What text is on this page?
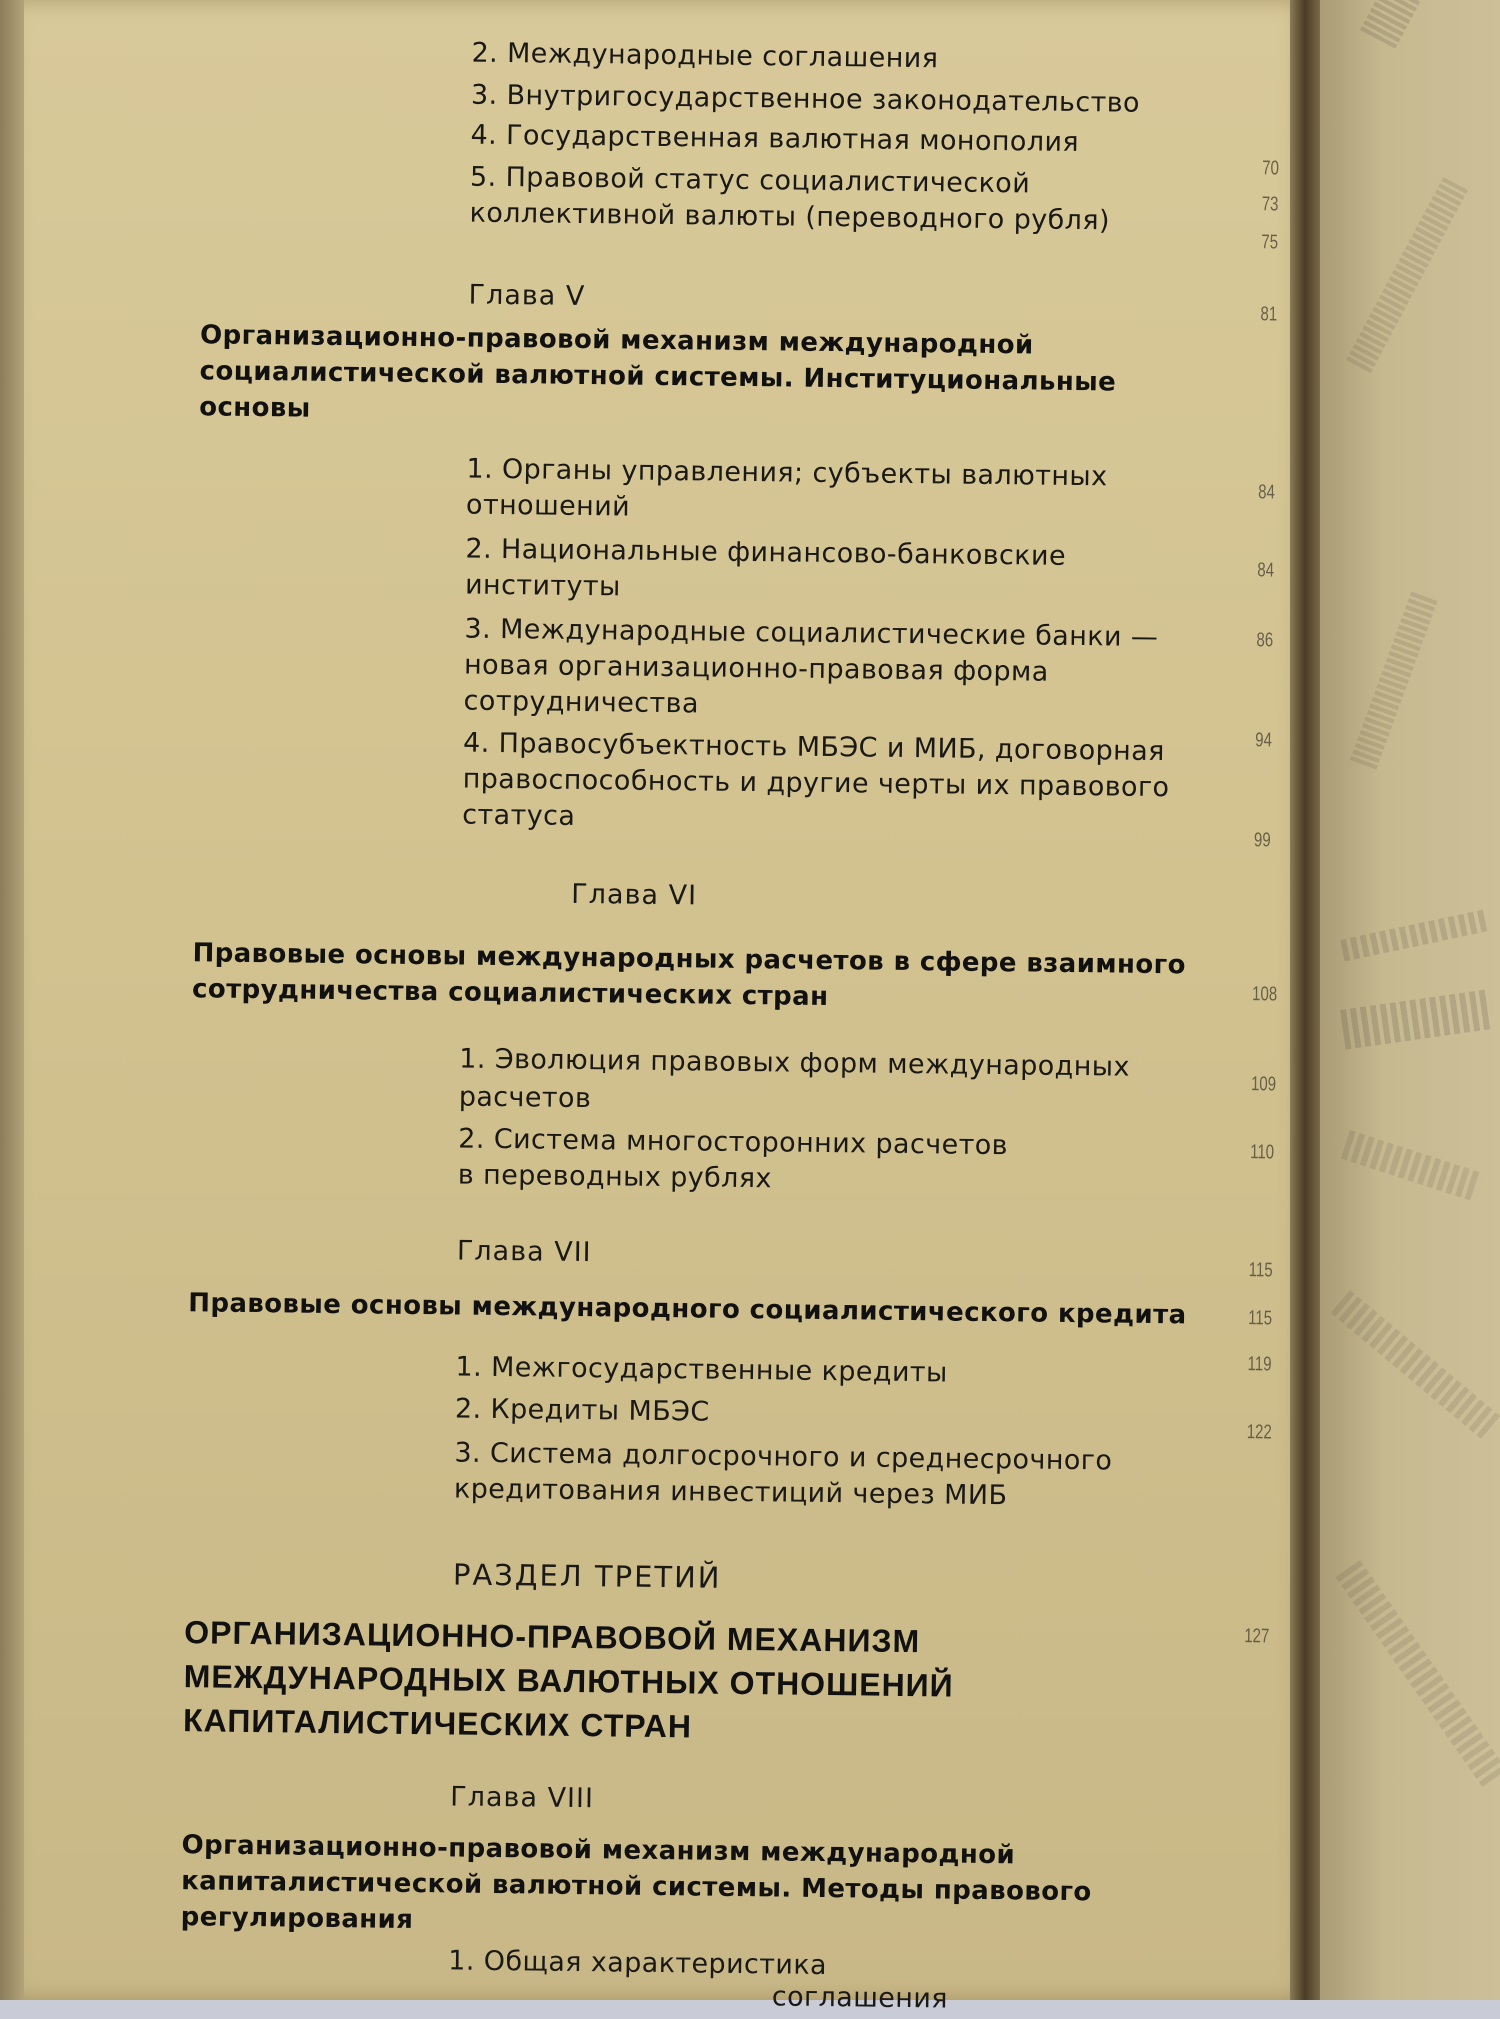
2. Международные соглашения
3. Внутригосударственное законодательство
4. Государственная валютная монополия
5. Правовой статус социалистической
коллективной валюты (переводного рубля)
Глава V
Организационно-правовой механизм международной
социалистической валютной системы. Институциональные
основы
1. Органы управления; субъекты валютных
отношений
2. Национальные финансово-банковские
институты
3. Международные социалистические банки —
новая организационно-правовая форма
сотрудничества
4. Правосубъектность МБЭС и МИБ, договорная
правоспособность и другие черты их правового
статуса
Глава VI
Правовые основы международных расчетов в сфере взаимного
сотрудничества социалистических стран
1. Эволюция правовых форм международных
расчетов
2. Система многосторонних расчетов
в переводных рублях
Глава VII
Правовые основы международного социалистического кредита
1. Межгосударственные кредиты
2. Кредиты МБЭС
3. Система долгосрочного и среднесрочного
кредитования инвестиций через МИБ
РАЗДЕЛ ТРЕТИЙ
ОРГАНИЗАЦИОННО-ПРАВОВОЙ МЕХАНИЗМ
МЕЖДУНАРОДНЫХ ВАЛЮТНЫХ ОТНОШЕНИЙ
КАПИТАЛИСТИЧЕСКИХ СТРАН
Глава VIII
Организационно-правовой механизм международной
капиталистической валютной системы. Методы правового
регулирования
1. Общая характеристика
соглашения
70
73
75
81
84
84
86
94
99
108
109
110
115
115
119
122
127
